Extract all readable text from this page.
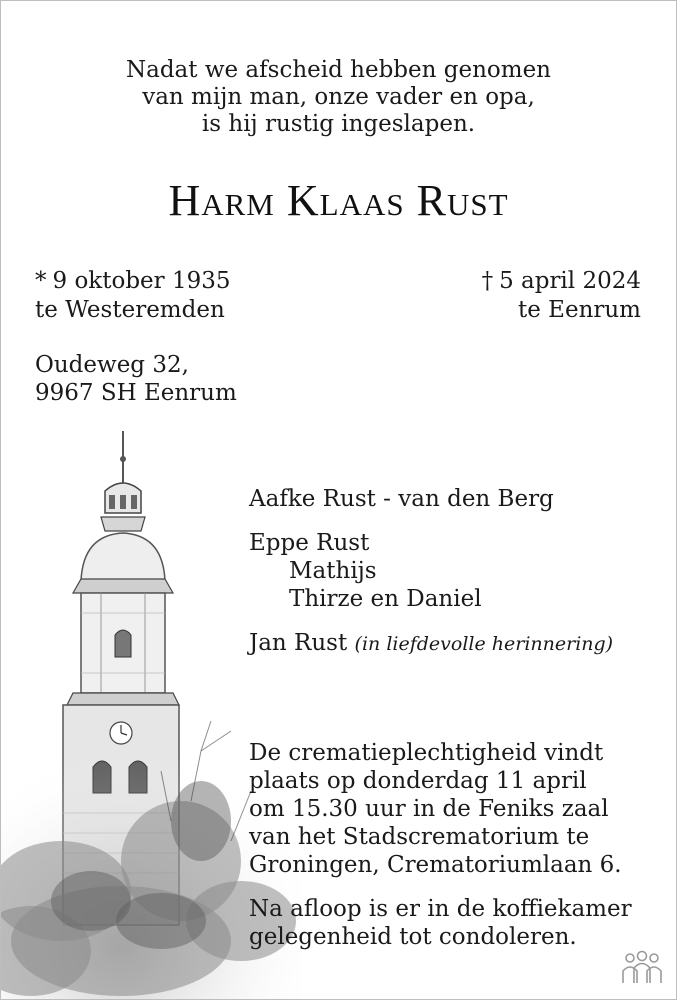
Nadat we afscheid hebben genomen
van mijn man, onze vader en opa,
is hij rustig ingeslapen.
Harm Klaas Rust
* 9 oktober 1935
te Westeremden
† 5 april 2024
te Eenrum
Oudeweg 32,
9967 SH Eenrum
Aafke Rust - van den Berg
Eppe Rust
Mathijs
Thirze en Daniel
Jan Rust (in liefdevolle herinnering)
De crematieplechtigheid vindt
plaats op donderdag 11 april
om 15.30 uur in de Feniks zaal
van het Stadscrematorium te
Groningen, Crematoriumlaan 6.
Na afloop is er in de koffiekamer
gelegenheid tot condoleren.
